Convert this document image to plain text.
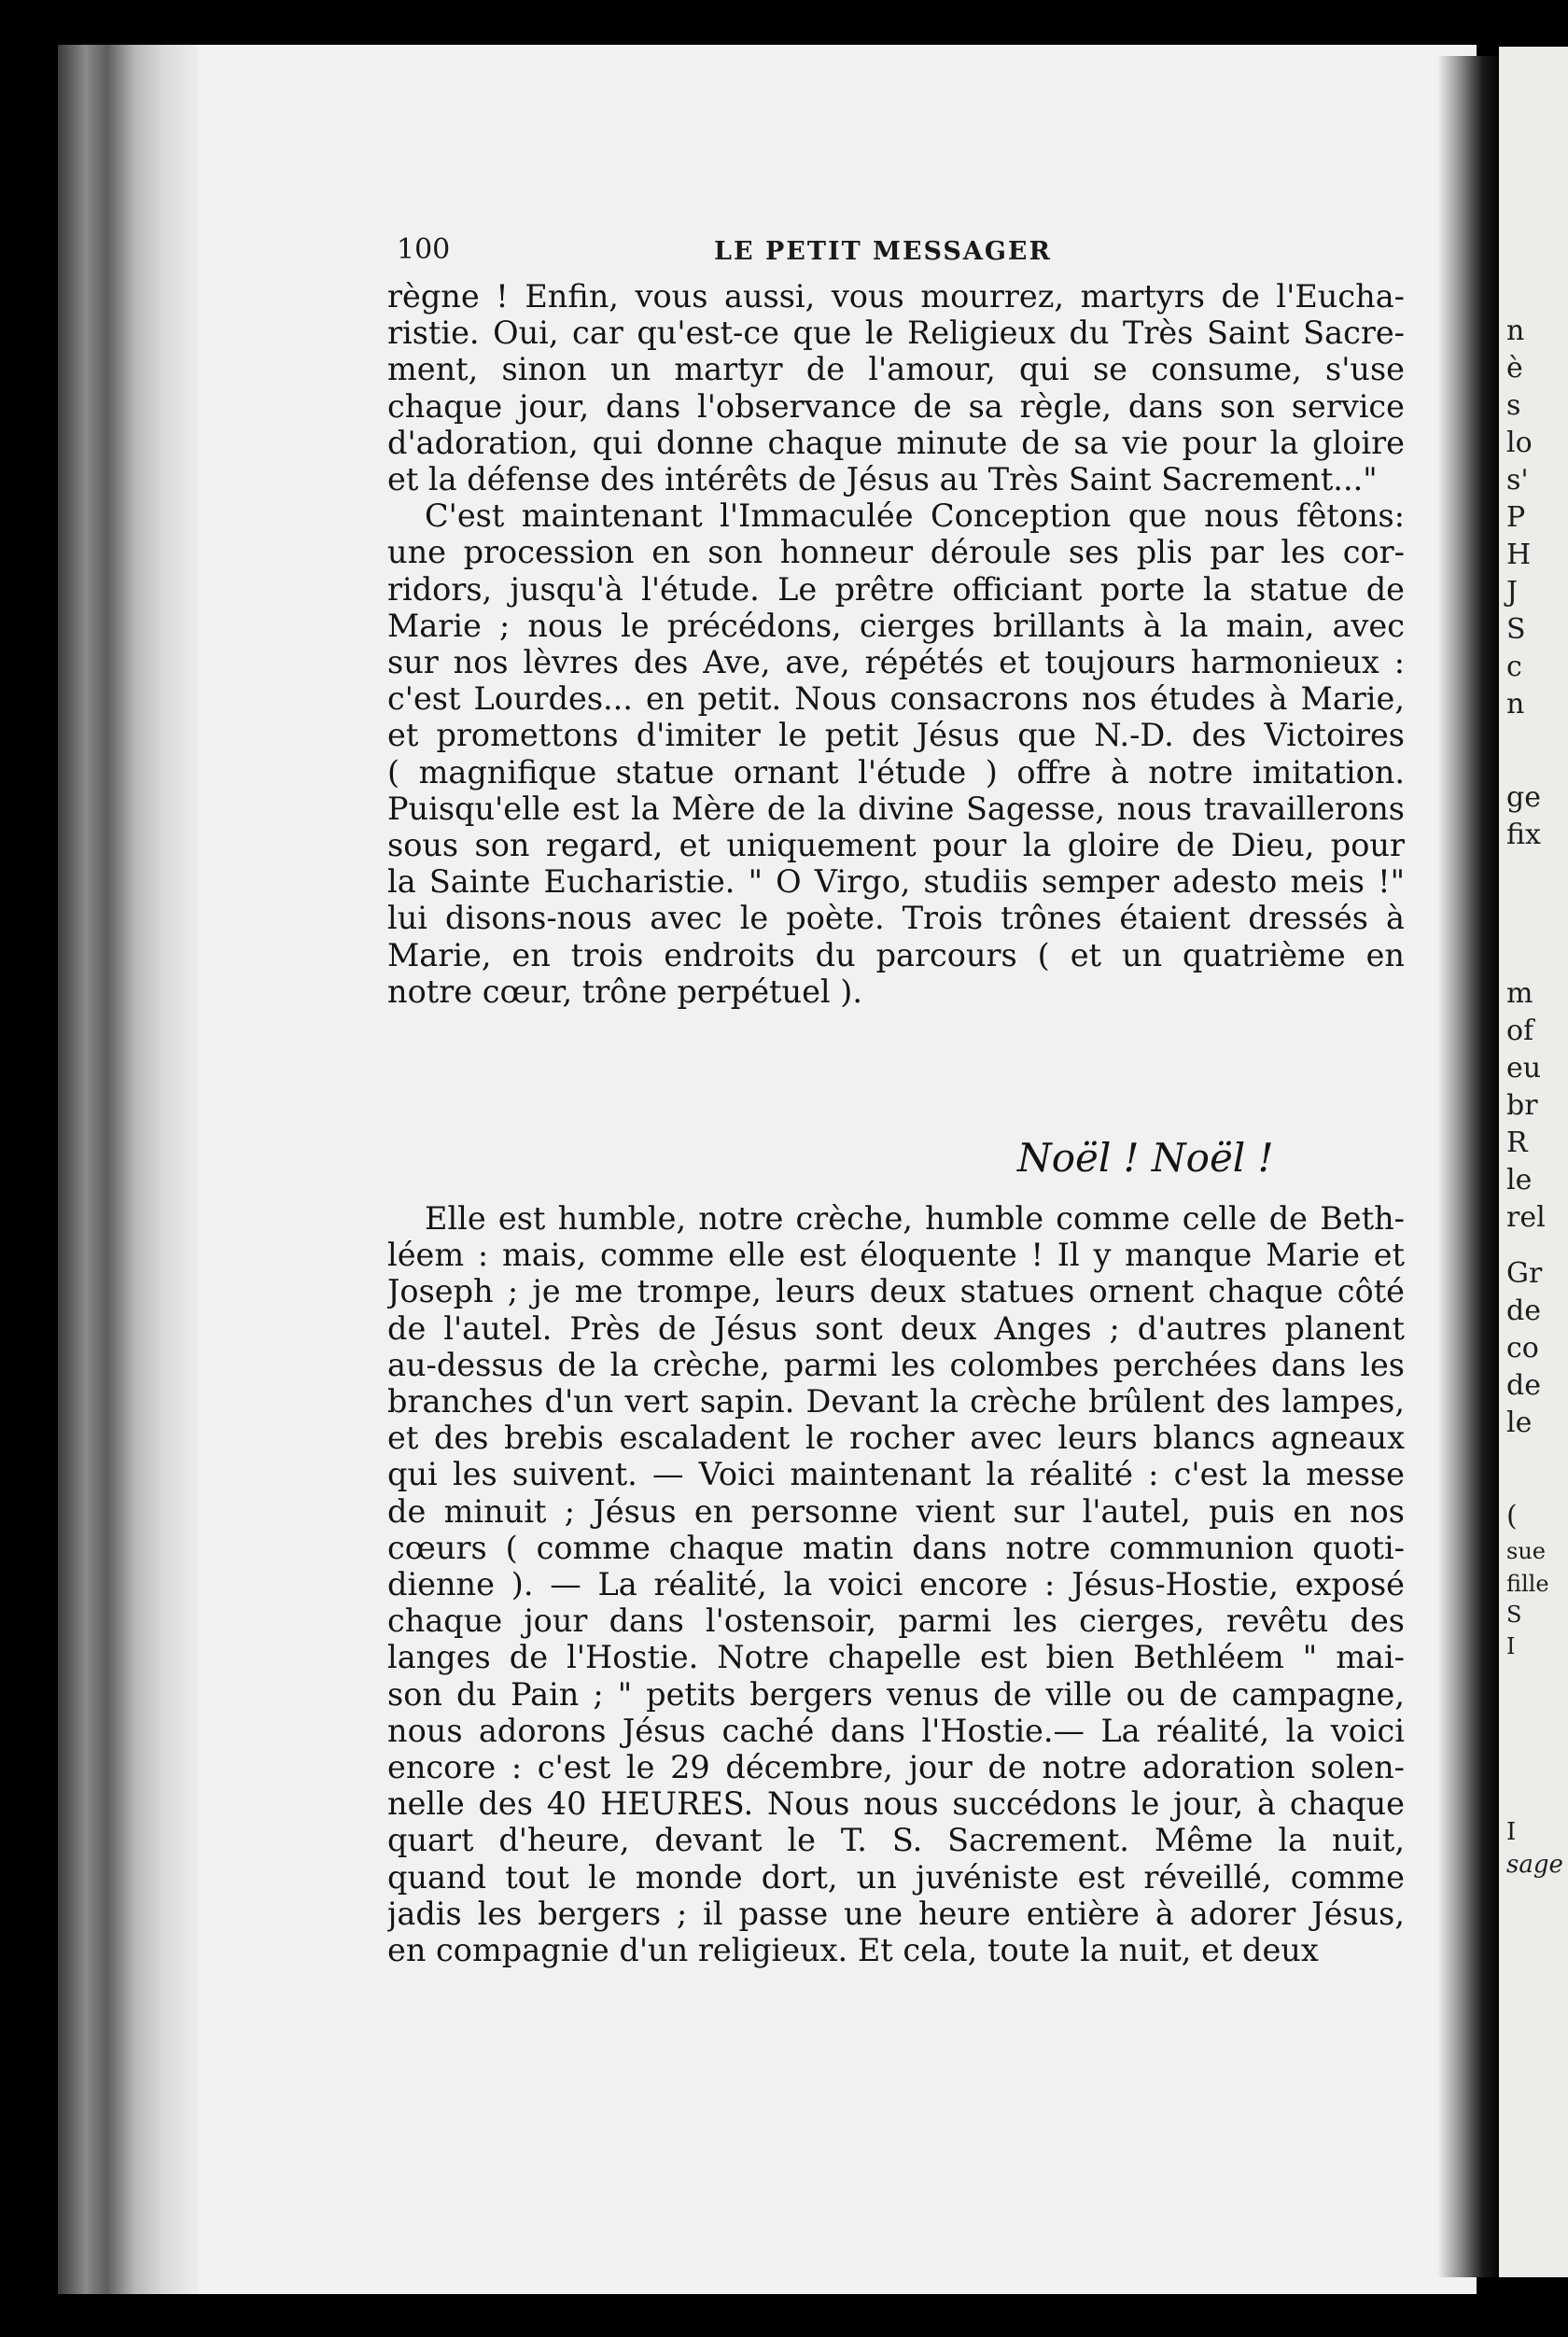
n
è
s
lo
s'
P
H
J
S
c
n
ge
fix
m
of
eu
br
R
le
rel
Gr
de
co
de
le
(
sue
fille
S
I
I
sage
100	LE PETIT MESSAGER
règne ! Enfin, vous aussi, vous mourrez, martyrs de l'Eucha-
ristie. Oui, car qu'est-ce que le Religieux du Très Saint Sacre-
ment, sinon un martyr de l'amour, qui se consume, s'use
chaque jour, dans l'observance de sa règle, dans son service
d'adoration, qui donne chaque minute de sa vie pour la gloire
et la défense des intérêts de Jésus au Très Saint Sacrement..."
C'est maintenant l'Immaculée Conception que nous fêtons:
une procession en son honneur déroule ses plis par les cor-
ridors, jusqu'à l'étude. Le prêtre officiant porte la statue de
Marie ; nous le précédons, cierges brillants à la main, avec
sur nos lèvres des Ave, ave, répétés et toujours harmonieux :
c'est Lourdes... en petit. Nous consacrons nos études à Marie,
et promettons d'imiter le petit Jésus que N.-D. des Victoires
( magnifique statue ornant l'étude ) offre à notre imitation.
Puisqu'elle est la Mère de la divine Sagesse, nous travaillerons
sous son regard, et uniquement pour la gloire de Dieu, pour
la Sainte Eucharistie. " O Virgo, studiis semper adesto meis !"
lui disons-nous avec le poète. Trois trônes étaient dressés à
Marie, en trois endroits du parcours ( et un quatrième en
notre cœur, trône perpétuel ).
Noël ! Noël !
Elle est humble, notre crèche, humble comme celle de Beth-
léem : mais, comme elle est éloquente ! Il y manque Marie et
Joseph ; je me trompe, leurs deux statues ornent chaque côté
de l'autel. Près de Jésus sont deux Anges ; d'autres planent
au-dessus de la crèche, parmi les colombes perchées dans les
branches d'un vert sapin. Devant la crèche brûlent des lampes,
et des brebis escaladent le rocher avec leurs blancs agneaux
qui les suivent. — Voici maintenant la réalité : c'est la messe
de minuit ; Jésus en personne vient sur l'autel, puis en nos
cœurs ( comme chaque matin dans notre communion quoti-
dienne ). — La réalité, la voici encore : Jésus-Hostie, exposé
chaque jour dans l'ostensoir, parmi les cierges, revêtu des
langes de l'Hostie. Notre chapelle est bien Bethléem " mai-
son du Pain ; " petits bergers venus de ville ou de campagne,
nous adorons Jésus caché dans l'Hostie.— La réalité, la voici
encore : c'est le 29 décembre, jour de notre adoration solen-
nelle des 40 HEURES. Nous nous succédons le jour, à chaque
quart d'heure, devant le T. S. Sacrement. Même la nuit,
quand tout le monde dort, un juvéniste est réveillé, comme
jadis les bergers ; il passe une heure entière à adorer Jésus,
en compagnie d'un religieux. Et cela, toute la nuit, et deux
